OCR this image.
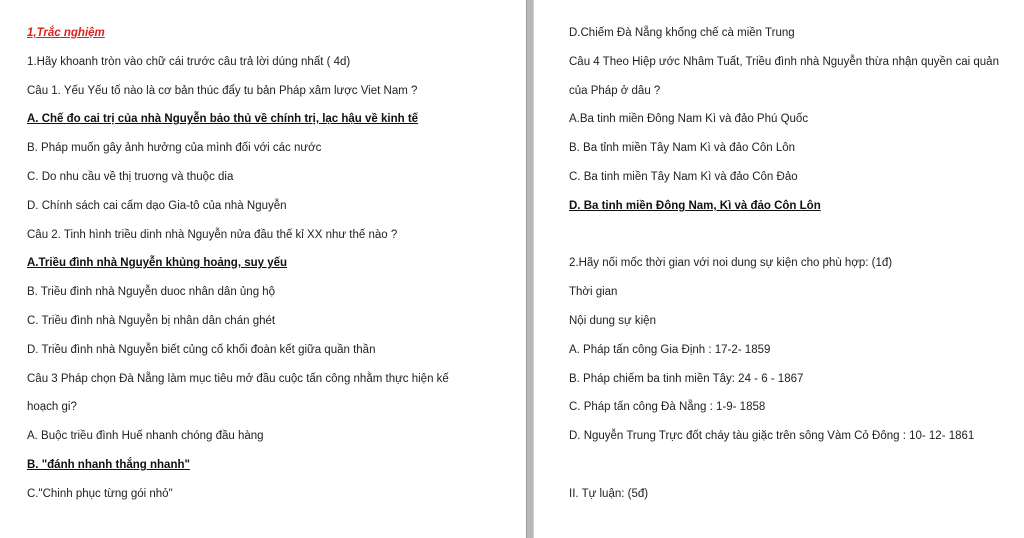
1,Trắc nghiệm
1.Hãy khoanh tròn vào chữ cái trước câu trả lời dúng nhất ( 4d)
Câu 1. Yếu Yếu tố nào là cơ bản thúc đẩy tu bản Pháp xâm lược Viet Nam ?
A. Chế đo cai trị của nhà Nguyễn bảo thủ về chính trị, lạc hậu về kinh tế
B. Pháp muốn gây ảnh hưởng của mình đối với các nước
C. Do nhu cầu về thị truơng và thuộc dia
D. Chính sách cai cấm dạo Gia-tô của nhà Nguyễn
Câu 2. Tinh hình triều dinh nhà Nguyễn nửa đầu thế kỉ XX như thế nào ?
A.Triều đình nhà Nguyễn khủng hoảng, suy yếu
B. Triều đình nhà Nguyễn duoc nhân dân ủng hộ
C. Triều đình nhà Nguyễn bị nhân dân chán ghét
D. Triều đình nhà Nguyễn biết củng cố khối đoàn kết giữa quần thần
Câu 3 Pháp chọn Đà Nẵng làm mục tiêu mở đầu cuộc tấn công nhằm thực hiện kế
hoạch gi?
A. Buộc triều đình Huế nhanh chóng đầu hàng
B. "đánh nhanh thắng nhanh"
C."Chinh phục từng gói nhỏ"
D.Chiếm Đà Nẵng khống chế cà miền Trung
Câu 4 Theo Hiệp ước Nhâm Tuất, Triều đình nhà Nguyễn thừa nhận quyền cai quản
của Pháp ở dâu ?
A.Ba tinh miền Đông Nam Kì và đảo Phú Quốc
B. Ba tỉnh miền Tây Nam Kì và đảo Côn Lôn
C. Ba tinh miền Tây Nam Kì và đảo Côn Đảo
D. Ba tinh miền Đông Nam, Kì và đảo Côn Lôn
2.Hãy nối mốc thời gian với noi dung sự kiện cho phù hợp: (1đ)
Thời gian
Nội dung sự kiện
A. Pháp tấn công Gia Định : 17-2- 1859
B. Pháp chiếm ba tinh miền Tây: 24 - 6 - 1867
C. Pháp tấn công Đà Nẵng : 1-9- 1858
D. Nguyễn Trung Trực đốt cháy tàu giặc trên sông Vàm Cỏ Đông : 10- 12- 1861
II. Tự luận: (5đ)
